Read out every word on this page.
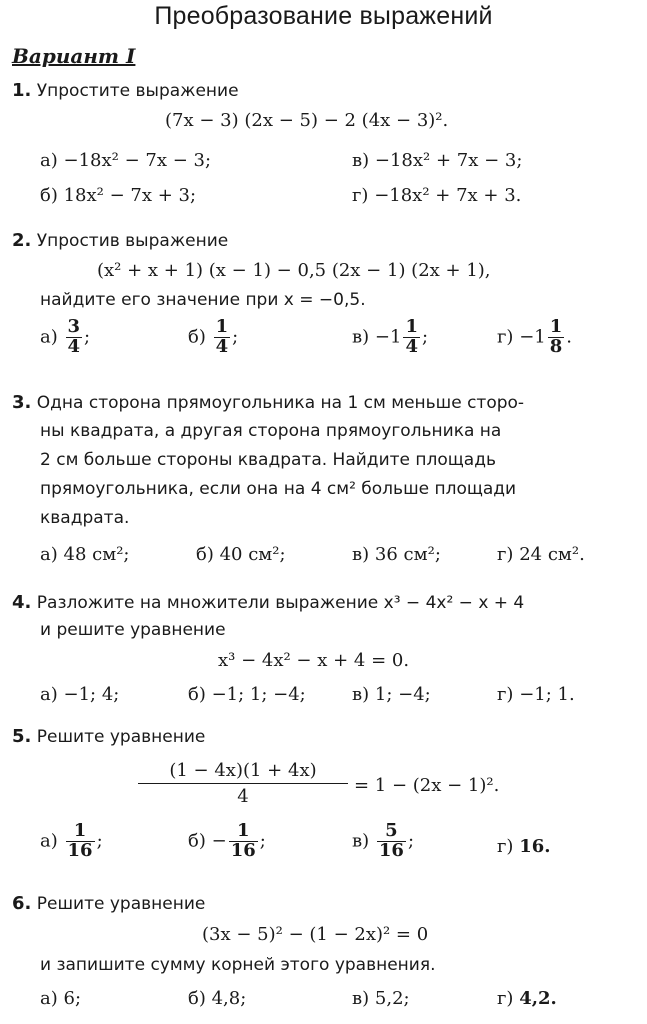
Преобразование выражений
Вариант I
1. Упростите выражение
(7x − 3) (2x − 5) − 2 (4x − 3)².
а) −18x² − 7x − 3;	в) −18x² + 7x − 3;
б) 18x² − 7x + 3;	г) −18x² + 7x + 3.
2. Упростив выражение
(x² + x + 1) (x − 1) − 0,5 (2x − 1) (2x + 1),
найдите его значение при x = −0,5.
$а) \frac{3}{4}$ ;	$б) \frac{1}{4}$ ;	$в) -1 \frac{1}{4}$ ;	$г) -1 \frac{1}{8}$ .
3. Одна сторона прямоугольника на 1 см меньше сторо-
ны квадрата, а другая сторона прямоугольника на
2 см больше стороны квадрата. Найдите площадь
прямоугольника, если она на 4 см² больше площади
квадрата.
а) 48 см²;	б) 40 см²;	в) 36 см²;	г) 24 см².
4. Разложите на множители выражение x³ − 4x² − x + 4
и решите уравнение
x³ − 4x² − x + 4 = 0.
а) −1; 4;	б) −1; 1; −4;	в) 1; −4;	г) −1; 1.
5. Решите уравнение
$\frac{(1 - 4x)(1 + 4x)}{4} = 1 - (2x - 1)^2$.
$а) \frac{1}{16}$ ;	$б) - \frac{1}{16}$ ;	$в) \frac{5}{16}$ ;	г) 16.
6. Решите уравнение
(3x − 5)² − (1 − 2x)² = 0
и запишите сумму корней этого уравнения.
а) 6;	б) 4,8;	в) 5,2;	г) 4,2.
